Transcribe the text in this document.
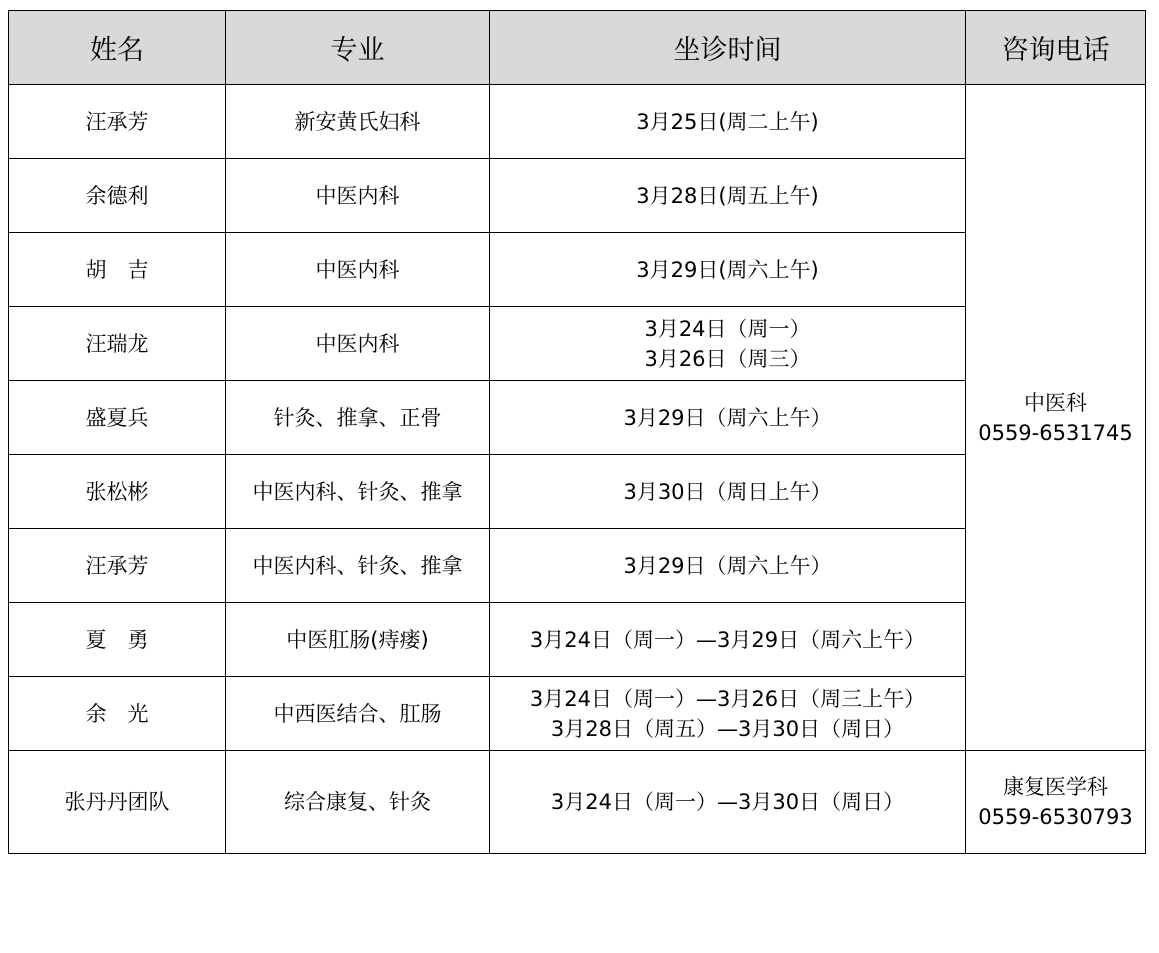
姓名	专业	坐诊时间	咨询电话
汪承芳	新安黄氏妇科	3月25日(周二上午)	中医科
0559-6531745

余德利	中医内科	3月28日(周五上午)	

胡　吉	中医内科	3月29日(周六上午)	

汪瑞龙	中医内科	3月24日（周一）
3月26日（周三）	

盛夏兵	针灸、推拿、正骨	3月29日（周六上午）	

张松彬	中医内科、针灸、推拿	3月30日（周日上午）	

汪承芳	中医内科、针灸、推拿	3月29日（周六上午）	

夏　勇	中医肛肠(痔瘘)	3月24日（周一）—3月29日（周六上午）	

余　光	中西医结合、肛肠	3月24日（周一）—3月26日（周三上午）
3月28日（周五）—3月30日（周日）	

张丹丹团队	综合康复、针灸	3月24日（周一）—3月30日（周日）	康复医学科
0559-6530793
